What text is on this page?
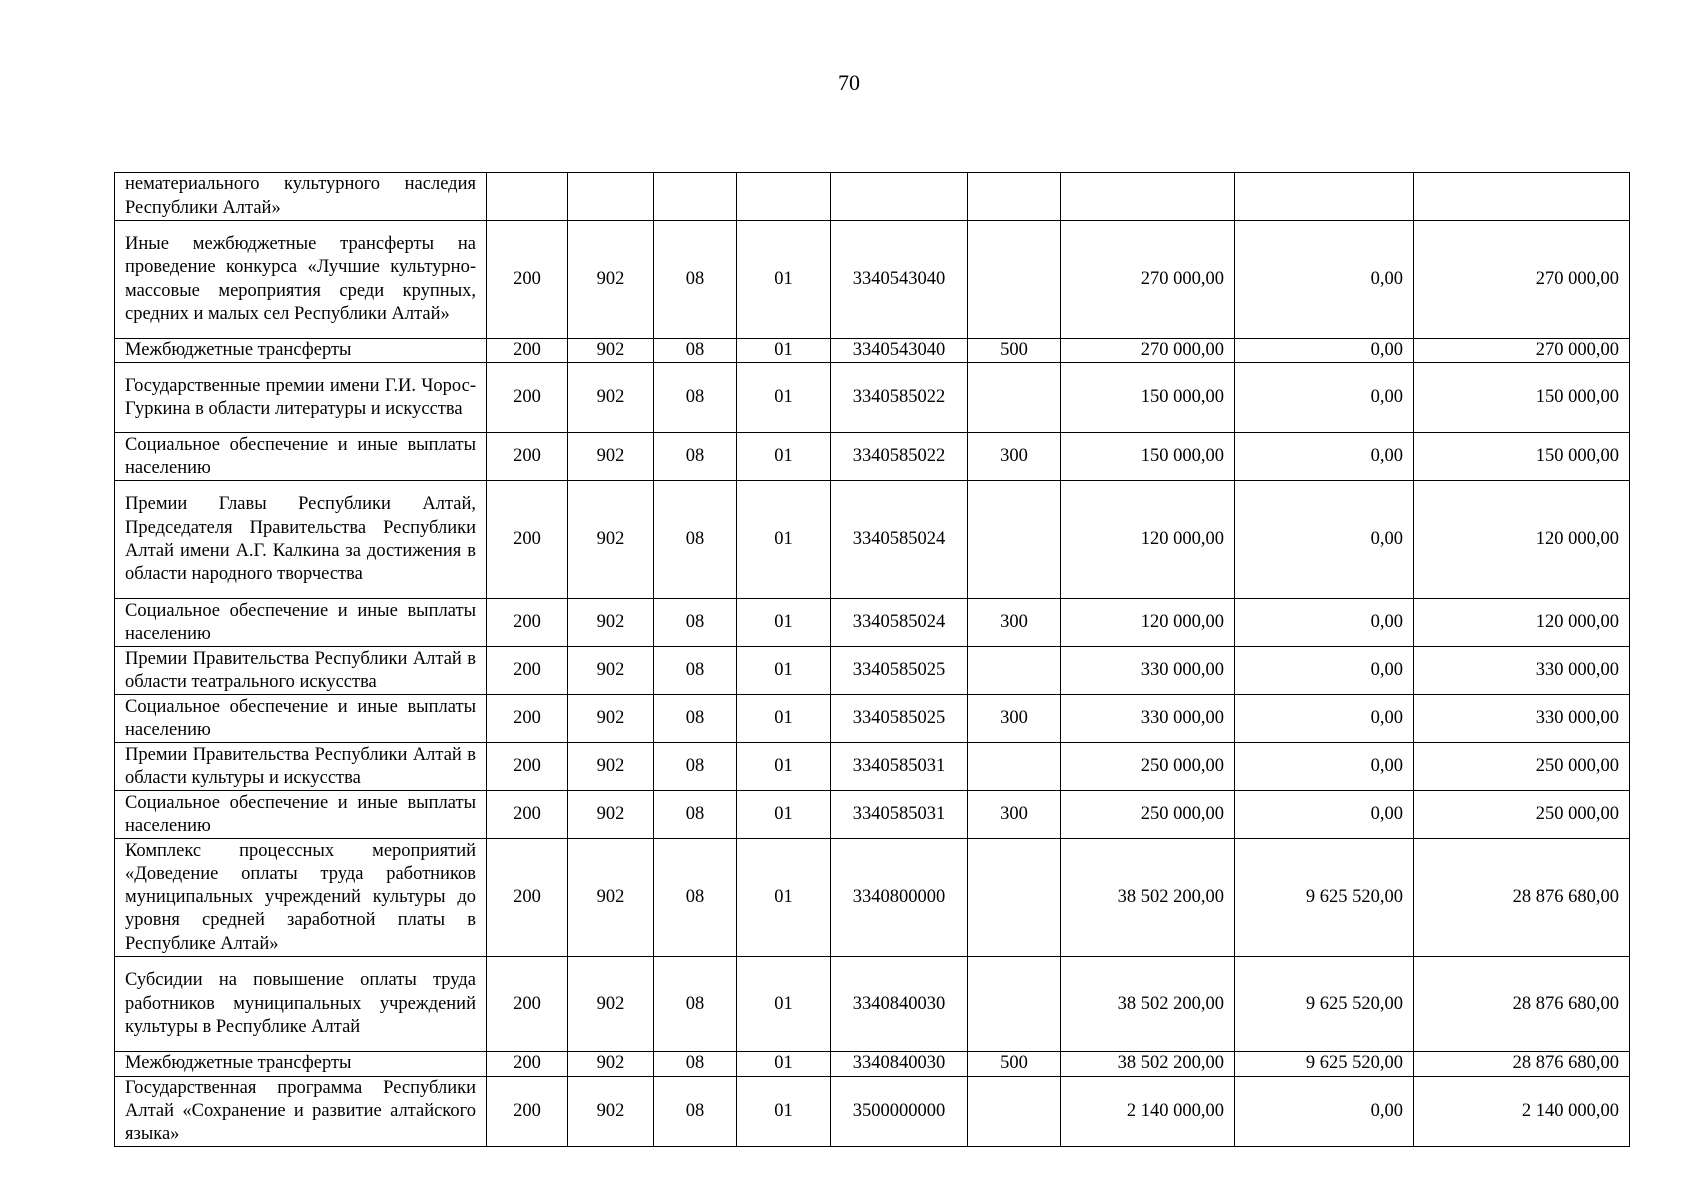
70
нематериального культурного наследия Республики Алтай»									
Иные межбюджетные трансферты на проведение конкурса «Лучшие культурно-массовые мероприятия среди крупных, средних и малых сел Республики Алтай»	200	902	08	01	3340543040		270 000,00	0,00	270 000,00
Межбюджетные трансферты	200	902	08	01	3340543040	500	270 000,00	0,00	270 000,00
Государственные премии имени Г.И. Чорос-Гуркина в области литературы и искусства	200	902	08	01	3340585022		150 000,00	0,00	150 000,00
Социальное обеспечение и иные выплаты населению	200	902	08	01	3340585022	300	150 000,00	0,00	150 000,00
Премии Главы Республики Алтай, Председателя Правительства Республики Алтай имени А.Г. Калкина за достижения в области народного творчества	200	902	08	01	3340585024		120 000,00	0,00	120 000,00
Социальное обеспечение и иные выплаты населению	200	902	08	01	3340585024	300	120 000,00	0,00	120 000,00
Премии Правительства Республики Алтай в области театрального искусства	200	902	08	01	3340585025		330 000,00	0,00	330 000,00
Социальное обеспечение и иные выплаты населению	200	902	08	01	3340585025	300	330 000,00	0,00	330 000,00
Премии Правительства Республики Алтай в области культуры и искусства	200	902	08	01	3340585031		250 000,00	0,00	250 000,00
Социальное обеспечение и иные выплаты населению	200	902	08	01	3340585031	300	250 000,00	0,00	250 000,00
Комплекс процессных мероприятий «Доведение оплаты труда работников муниципальных учреждений культуры до уровня средней заработной платы в Республике Алтай»	200	902	08	01	3340800000		38 502 200,00	9 625 520,00	28 876 680,00
Субсидии на повышение оплаты труда работников муниципальных учреждений культуры в Республике Алтай	200	902	08	01	3340840030		38 502 200,00	9 625 520,00	28 876 680,00
Межбюджетные трансферты	200	902	08	01	3340840030	500	38 502 200,00	9 625 520,00	28 876 680,00
Государственная программа Республики Алтай «Сохранение и развитие алтайского языка»	200	902	08	01	3500000000		2 140 000,00	0,00	2 140 000,00
